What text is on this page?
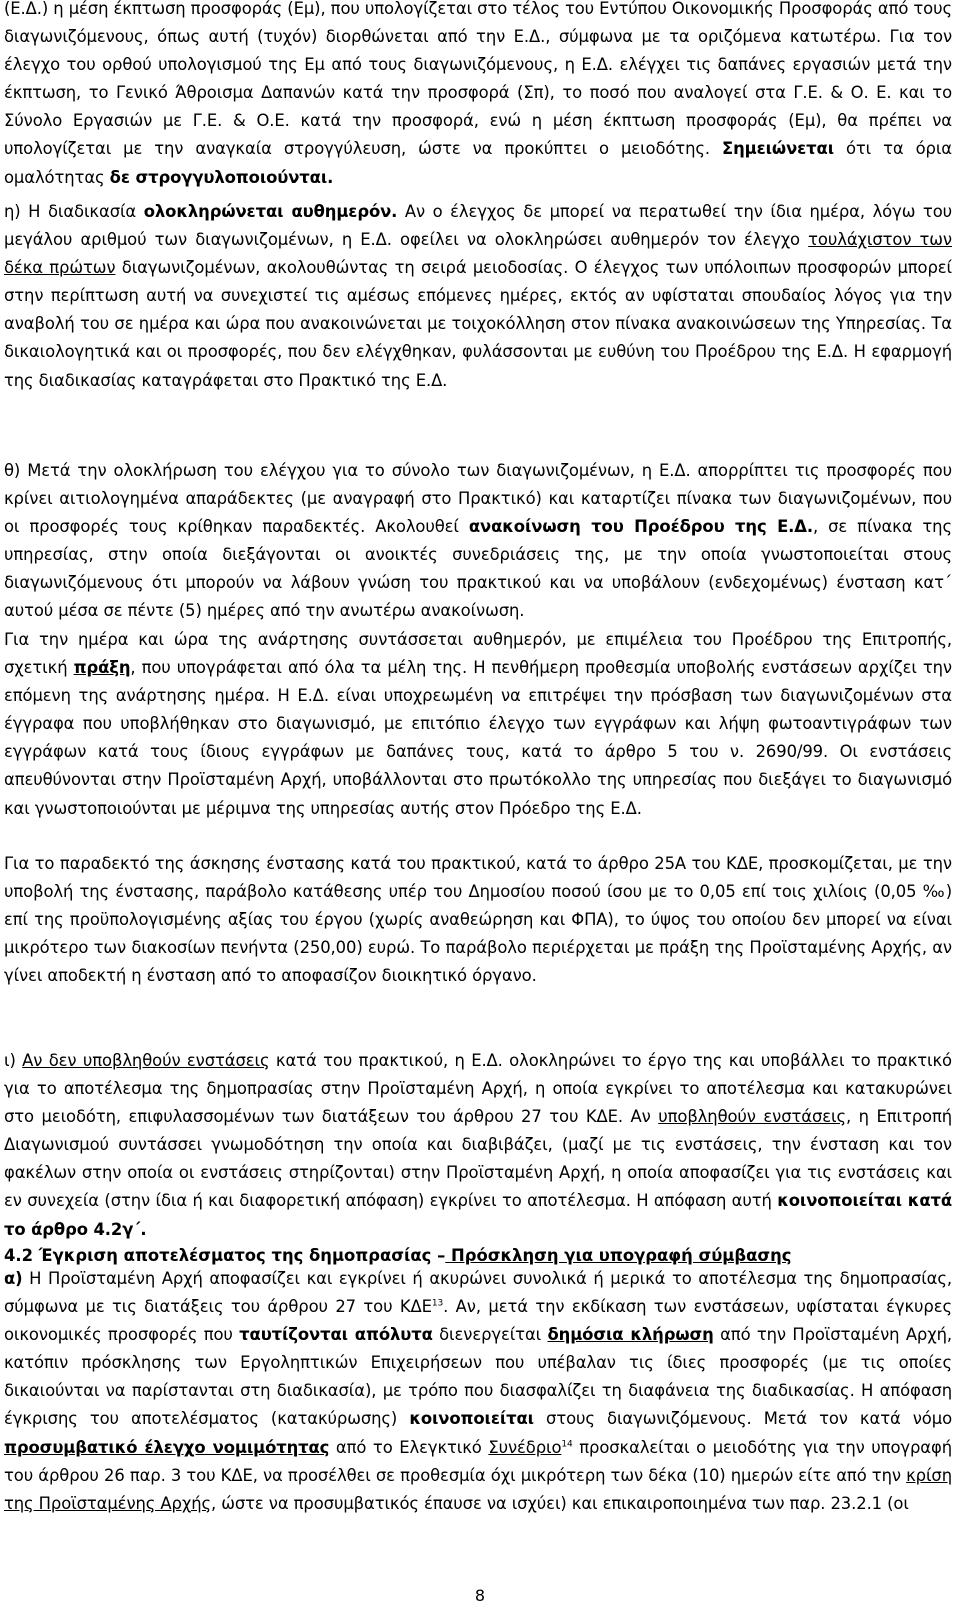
(Ε.Δ.) η μέση έκπτωση προσφοράς (Εμ), που υπολογίζεται στο τέλος του Εντύπου Οικονομικής Προσφοράς από τους διαγωνιζόμενους, όπως αυτή (τυχόν) διορθώνεται από την Ε.Δ., σύμφωνα με τα οριζόμενα κατωτέρω. Για τον έλεγχο του ορθού υπολογισμού της Εμ από τους διαγωνιζόμενους, η Ε.Δ. ελέγχει τις δαπάνες εργασιών μετά την έκπτωση, το Γενικό Άθροισμα Δαπανών κατά την προσφορά (Σπ), το ποσό που αναλογεί στα Γ.Ε. & Ο. Ε. και το Σύνολο Εργασιών με Γ.Ε. & Ο.Ε. κατά την προσφορά, ενώ η μέση έκπτωση προσφοράς (Εμ), θα πρέπει να υπολογίζεται με την αναγκαία στρογγύλευση, ώστε να προκύπτει ο μειοδότης. Σημειώνεται ότι τα όρια ομαλότητας δε στρογγυλοποιούνται.

η) Η διαδικασία ολοκληρώνεται αυθημερόν. Αν ο έλεγχος δε μπορεί να περατωθεί την ίδια ημέρα, λόγω του μεγάλου αριθμού των διαγωνιζομένων, η Ε.Δ. οφείλει να ολοκληρώσει αυθημερόν τον έλεγχο τουλάχιστον των δέκα πρώτων διαγωνιζομένων, ακολουθώντας τη σειρά μειοδοσίας. Ο έλεγχος των υπόλοιπων προσφορών μπορεί στην περίπτωση αυτή να συνεχιστεί τις αμέσως επόμενες ημέρες, εκτός αν υφίσταται σπουδαίος λόγος για την αναβολή του σε ημέρα και ώρα που ανακοινώνεται με τοιχοκόλληση στον πίνακα ανακοινώσεων της Υπηρεσίας. Τα δικαιολογητικά και οι προσφορές, που δεν ελέγχθηκαν, φυλάσσονται με ευθύνη του Προέδρου της Ε.Δ. Η εφαρμογή της διαδικασίας καταγράφεται στο Πρακτικό της Ε.Δ.

θ) Μετά την ολοκλήρωση του ελέγχου για το σύνολο των διαγωνιζομένων, η Ε.Δ. απορρίπτει τις προσφορές που κρίνει αιτιολογημένα απαράδεκτες (με αναγραφή στο Πρακτικό) και καταρτίζει πίνακα των διαγωνιζομένων, που οι προσφορές τους κρίθηκαν παραδεκτές. Ακολουθεί ανακοίνωση του Προέδρου της Ε.Δ., σε πίνακα της υπηρεσίας, στην οποία διεξάγονται οι ανοικτές συνεδριάσεις της, με την οποία γνωστοποιείται στους διαγωνιζόμενους ότι μπορούν να λάβουν γνώση του πρακτικού και να υποβάλουν (ενδεχομένως) ένσταση κατ΄ αυτού μέσα σε πέντε (5) ημέρες από την ανωτέρω ανακοίνωση.

Για την ημέρα και ώρα της ανάρτησης συντάσσεται αυθημερόν, με επιμέλεια του Προέδρου της Επιτροπής, σχετική πράξη, που υπογράφεται από όλα τα μέλη της. Η πενθήμερη προθεσμία υποβολής ενστάσεων αρχίζει την επόμενη της ανάρτησης ημέρα. Η Ε.Δ. είναι υποχρεωμένη να επιτρέψει την πρόσβαση των διαγωνιζομένων στα έγγραφα που υποβλήθηκαν στο διαγωνισμό, με επιτόπιο έλεγχο των εγγράφων και λήψη φωτοαντιγράφων των εγγράφων κατά τους ίδιους εγγράφων με δαπάνες τους, κατά το άρθρο 5 του ν. 2690/99. Οι ενστάσεις απευθύνονται στην Προϊσταμένη Αρχή, υποβάλλονται στο πρωτόκολλο της υπηρεσίας που διεξάγει το διαγωνισμό και γνωστοποιούνται με μέριμνα της υπηρεσίας αυτής στον Πρόεδρο της Ε.Δ.

Για το παραδεκτό της άσκησης ένστασης κατά του πρακτικού, κατά το άρθρο 25Α του ΚΔΕ, προσκομίζεται, με την υποβολή της ένστασης, παράβολο κατάθεσης υπέρ του Δημοσίου ποσού ίσου με το 0,05 επί τοις χιλίοις (0,05 ‰) επί της προϋπολογισμένης αξίας του έργου (χωρίς αναθεώρηση και ΦΠΑ), το ύψος του οποίου δεν μπορεί να είναι μικρότερο των διακοσίων πενήντα (250,00) ευρώ. Το παράβολο περιέρχεται με πράξη της Προϊσταμένης Αρχής, αν γίνει αποδεκτή η ένσταση από το αποφασίζον διοικητικό όργανο.

ι) Αν δεν υποβληθούν ενστάσεις κατά του πρακτικού, η Ε.Δ. ολοκληρώνει το έργο της και υποβάλλει το πρακτικό για το αποτέλεσμα της δημοπρασίας στην Προϊσταμένη Αρχή, η οποία εγκρίνει το αποτέλεσμα και κατακυρώνει στο μειοδότη, επιφυλασσομένων των διατάξεων του άρθρου 27 του ΚΔΕ. Αν υποβληθούν ενστάσεις, η Επιτροπή Διαγωνισμού συντάσσει γνωμοδότηση την οποία και διαβιβάζει, (μαζί με τις ενστάσεις, την ένσταση και τον φακέλων στην οποία οι ενστάσεις στηρίζονται) στην Προϊσταμένη Αρχή, η οποία αποφασίζει για τις ενστάσεις και εν συνεχεία (στην ίδια ή και διαφορετική απόφαση) εγκρίνει το αποτέλεσμα. Η απόφαση αυτή κοινοποιείται κατά το άρθρο 4.2γ΄.

4.2 Έγκριση αποτελέσματος της δημοπρασίας – Πρόσκληση για υπογραφή σύμβασης

α) Η Προϊσταμένη Αρχή αποφασίζει και εγκρίνει ή ακυρώνει συνολικά ή μερικά το αποτέλεσμα της δημοπρασίας, σύμφωνα με τις διατάξεις του άρθρου 27 του ΚΔΕ$^{13}$. Αν, μετά την εκδίκαση των ενστάσεων, υφίσταται έγκυρες οικονομικές προσφορές που ταυτίζονται απόλυτα διενεργείται δημόσια κλήρωση από την Προϊσταμένη Αρχή, κατόπιν πρόσκλησης των Εργοληπτικών Επιχειρήσεων που υπέβαλαν τις ίδιες προσφορές (με τις οποίες δικαιούνται να παρίστανται στη διαδικασία), με τρόπο που διασφαλίζει τη διαφάνεια της διαδικασίας. Η απόφαση έγκρισης του αποτελέσματος (κατακύρωσης) κοινοποιείται στους διαγωνιζόμενους. Μετά τον κατά νόμο προσυμβατικό έλεγχο νομιμότητας από το Ελεγκτικό Συνέδριο$^{14}$ προσκαλείται ο μειοδότης για την υπογραφή του άρθρου 26 παρ. 3 του ΚΔΕ, να προσέλθει σε προθεσμία όχι μικρότερη των δέκα (10) ημερών είτε από την κρίση της Προϊσταμένης Αρχής, ώστε να προσυμβατικός έπαυσε να ισχύει) και επικαιροποιημένα των παρ. 23.2.1 (οι

8
